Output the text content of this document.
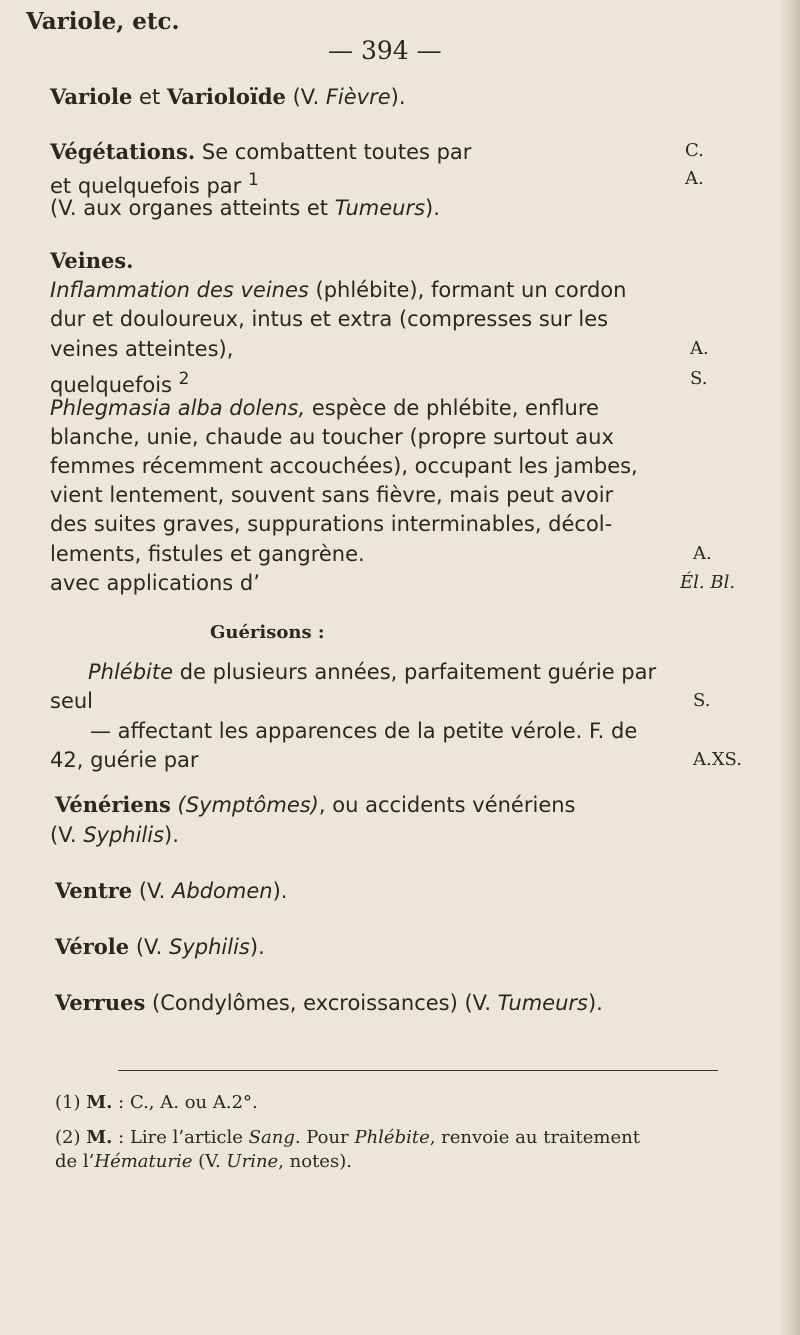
Variole, etc.
— 394 —
Variole et Varioloïde (V. Fièvre).
Végétations. Se combattent toutes par	C.
et quelquefois par $^1$	A.
(V. aux organes atteints et Tumeurs).
Veines.
Inflammation des veines (phlébite), formant un cordon
dur et douloureux, intus et extra (compresses sur les
veines atteintes),	A.
quelquefois $^2$	S.
Phlegmasia alba dolens, espèce de phlébite, enflure
blanche, unie, chaude au toucher (propre surtout aux
femmes récemment accouchées), occupant les jambes,
vient lentement, souvent sans fièvre, mais peut avoir
des suites graves, suppurations interminables, décol-
lements, fistules et gangrène.	A.
avec applications d’	Él. Bl.
Guérisons :
Phlébite de plusieurs années, parfaitement guérie par
seul	S.
— affectant les apparences de la petite vérole. F. de
42, guérie par	A.XS.
Vénériens (Symptômes), ou accidents vénériens
(V. Syphilis).
Ventre (V. Abdomen).
Vérole (V. Syphilis).
Verrues (Condylômes, excroissances) (V. Tumeurs).
(1) M. : C., A. ou A.2°.
(2) M. : Lire l’article Sang. Pour Phlébite, renvoie au traitement
de l’Hématurie (V. Urine, notes).
